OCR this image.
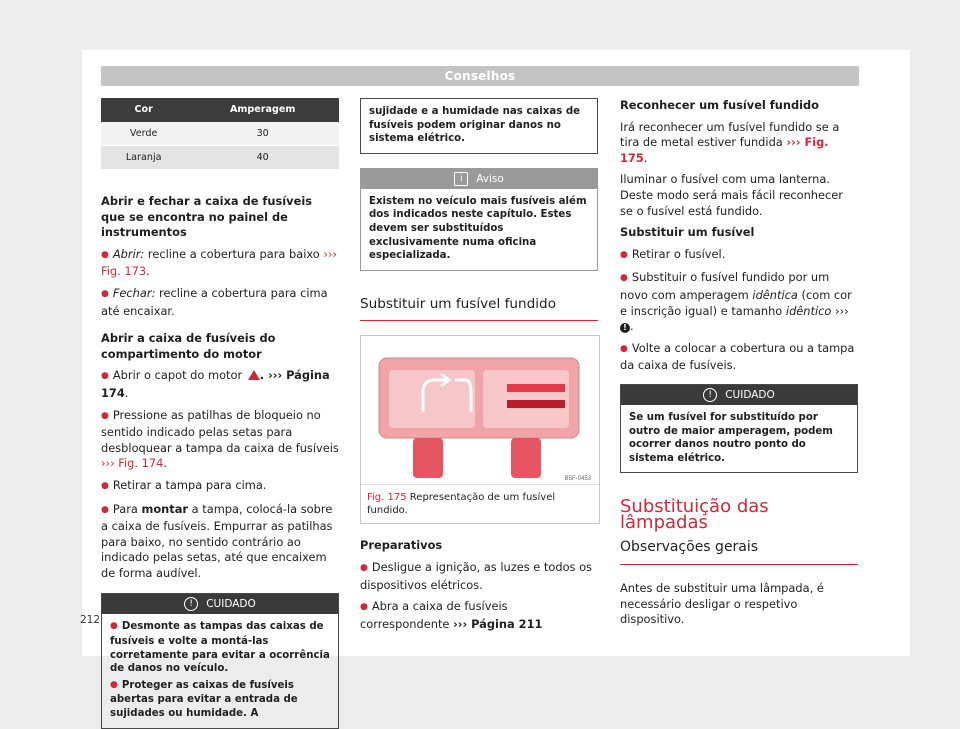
Conselhos
Cor	Amperagem
Verde	30
Laranja	40

Abrir e fechar a caixa de fusíveis que se encontra no painel de instrumentos

● Abrir: recline a cobertura para baixo ››› Fig. 173.

● Fechar: recline a cobertura para cima até encaixar.

Abrir a caixa de fusíveis do compartimento do motor

● Abrir o capot do motor . ››› Página 174.

● Pressione as patilhas de bloqueio no sentido indicado pelas setas para desbloquear a tampa da caixa de fusíveis ››› Fig. 174.

● Retirar a tampa para cima.

● Para montar a tampa, colocá-la sobre a caixa de fusíveis. Empurrar as patilhas para baixo, no sentido contrário ao indicado pelas setas, até que encaixem de forma audível.

! CUIDADO

● Desmonte as tampas das caixas de fusíveis e volte a montá-las corretamente para evitar a ocorrência de danos no veículo.

● Proteger as caixas de fusíveis abertas para evitar a entrada de sujidades ou humidade. A

sujidade e a humidade nas caixas de fusíveis podem originar danos no sistema elétrico.
i Aviso
Existem no veículo mais fusíveis além dos indicados neste capítulo. Estes devem ser substituídos exclusivamente numa oficina especializada.
Substituir um fusível fundido
B5F-0453
Fig. 175 Representação de um fusível fundido.

Preparativos

● Desligue a ignição, as luzes e todos os dispositivos elétricos.

● Abra a caixa de fusíveis correspondente ››› Página 211

Reconhecer um fusível fundido

Irá reconhecer um fusível fundido se a tira de metal estiver fundida ››› Fig. 175.

Iluminar o fusível com uma lanterna. Deste modo será mais fácil reconhecer se o fusível está fundido.

Substituir um fusível

● Retirar o fusível.

● Substituir o fusível fundido por um novo com amperagem idêntica (com cor e inscrição igual) e tamanho idêntico ››› ! .

● Volte a colocar a cobertura ou a tampa da caixa de fusíveis.

! CUIDADO
Se um fusível for substituído por outro de maior amperagem, podem ocorrer danos noutro ponto do sistema elétrico.
Substituição das lâmpadas
Observações gerais

Antes de substituir uma lâmpada, é necessário desligar o respetivo dispositivo.

212
